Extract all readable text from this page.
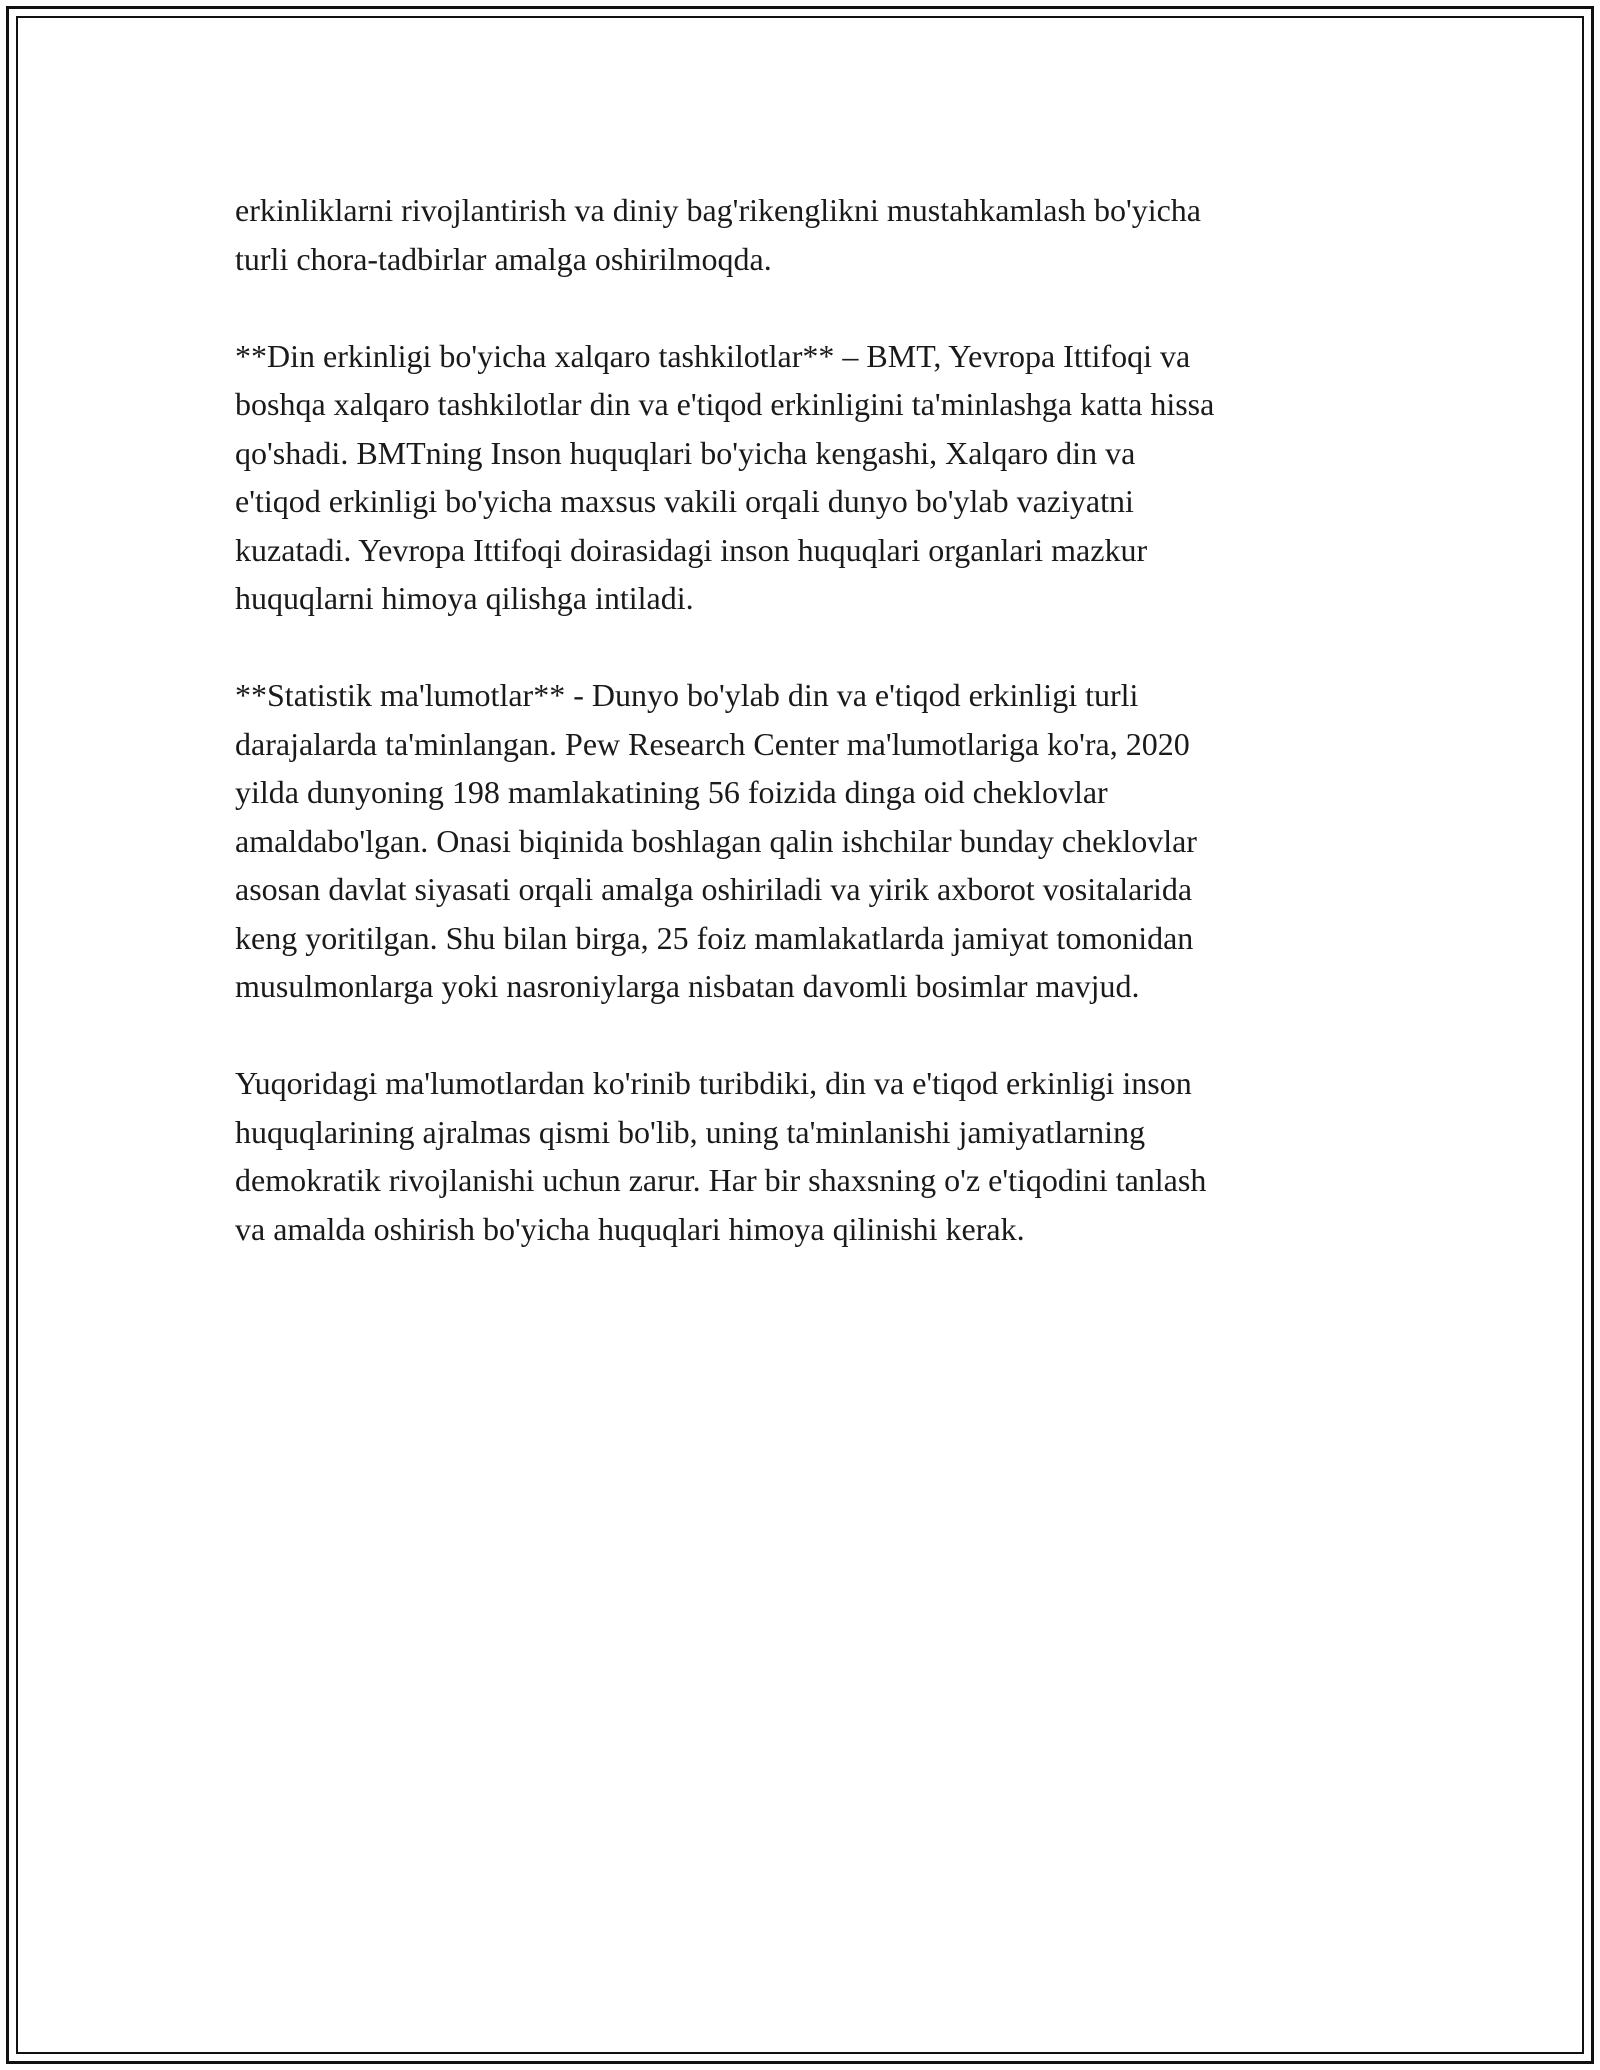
erkinliklarni rivojlantirish va diniy bag'rikenglikni mustahkamlash bo'yicha
turli chora-tadbirlar amalga oshirilmoqda.

**Din erkinligi bo'yicha xalqaro tashkilotlar** – BMT, Yevropa Ittifoqi va
boshqa xalqaro tashkilotlar din va e'tiqod erkinligini ta'minlashga katta hissa
qo'shadi. BMTning Inson huquqlari bo'yicha kengashi, Xalqaro din va
e'tiqod erkinligi bo'yicha maxsus vakili orqali dunyo bo'ylab vaziyatni
kuzatadi. Yevropa Ittifoqi doirasidagi inson huquqlari organlari mazkur
huquqlarni himoya qilishga intiladi.

**Statistik ma'lumotlar** - Dunyo bo'ylab din va e'tiqod erkinligi turli
darajalarda ta'minlangan. Pew Research Center ma'lumotlariga ko'ra, 2020
yilda dunyoning 198 mamlakatining 56 foizida dinga oid cheklovlar
amaldabo'lgan. Onasi biqinida boshlagan qalin ishchilar bunday cheklovlar
asosan davlat siyasati orqali amalga oshiriladi va yirik axborot vositalarida
keng yoritilgan. Shu bilan birga, 25 foiz mamlakatlarda jamiyat tomonidan
musulmonlarga yoki nasroniylarga nisbatan davomli bosimlar mavjud.

Yuqoridagi ma'lumotlardan ko'rinib turibdiki, din va e'tiqod erkinligi inson
huquqlarining ajralmas qismi bo'lib, uning ta'minlanishi jamiyatlarning
demokratik rivojlanishi uchun zarur. Har bir shaxsning o'z e'tiqodini tanlash
va amalda oshirish bo'yicha huquqlari himoya qilinishi kerak.
